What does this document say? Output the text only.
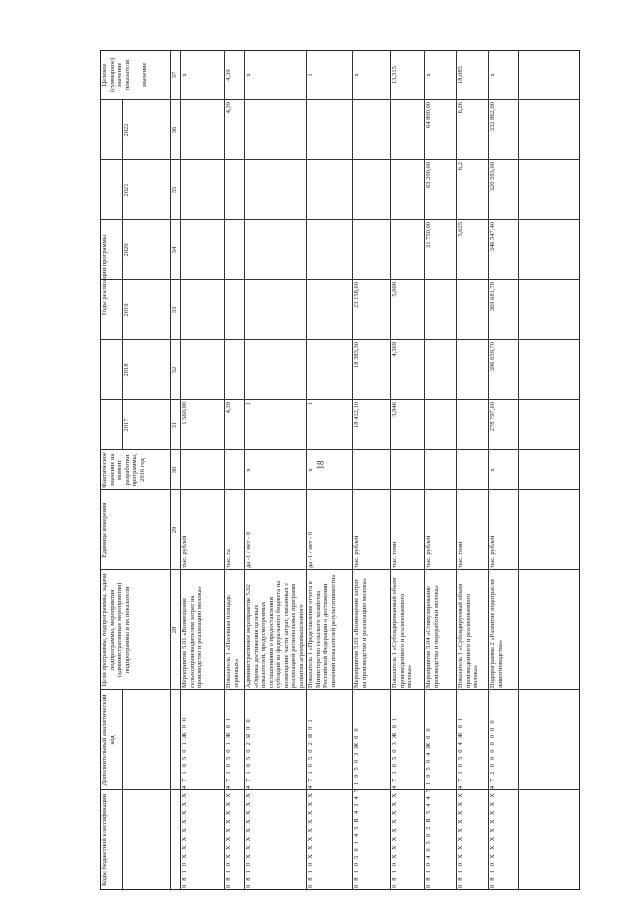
18
Коды бюджетной классификации
Дополнительный аналитический код
Цели программы, подпрограммы, задачи подпрограммы, мероприятия (административные мероприятия) подпрограммы и их показатели
Единица измерения
Фактическое значение на момент разработки программы, 2016 год
Годы реализации программы
2017
2018
2019
2020
2021
2022
Целевое (суммарное) значение показателя	значение
28
29
30
31
32
33
34
35
36
37
0 8 1 0 Х Х Х Х Х Х Х Х 4 7 1 0 5 0 1 Ж 0 0
Мероприятие 5.01 «Возмещение сельхозпроизводителям затрат на производство и реализацию молока»
тыс. рублей
1 560,00
х
0 8 1 0 Х Х Х Х Х Х Х Х 4 7 1 0 5 0 1 Ж 0 1
Показатель 1 «Посевная площадь зерновых»
тыс. га
4,39
4,39
4,39
0 8 1 0 Х Х Х Х Х Х Х Х 4 7 1 0 5 0 2 Я 0 0
Административное мероприятие 5.02 «Оценка достижения целевых показателей, предусмотренных соглашениями о предоставлении субсидий из федерального бюджета на возмещение части затрат, связанных с реализацией региональных программ развития агропромышленного
да -1 / нет - 0
х
1
х
0 8 1 0 Х Х Х Х Х Х Х Х 4 7 1 0 5 0 2 Я 0 1
Показатель 1 «Представление отчета в Министерство сельского хозяйства Российской Федерации о достижении значений показателей результативности»
да -1 / нет - 0
х
1
1
0 8 1 0 5 0 1 4 5 R 4 3 4 7 1 0 5 0 3 Ж 0 0
Мероприятие 5.03 «Возмещение затрат на производство и реализацию молока»
тыс. рублей
18 412,10
18 383,30
23 158,60
х
0 8 1 0 Х Х Х Х Х Х Х Х 4 7 1 0 5 0 3 Ж 0 1
Показатель 1 «Субсидированный объем произведенного и реализованного молока»
тыс. тонн
3,946
4,369
5,000
13,315
0 8 1 0 4 0 5 0 2 R 5 4 4 7 1 0 5 0 4 Ж 0 0
Мероприятие 5.04 «Стимулирование производства и переработки молока»
тыс. рублей
31 750,00
63 200,00
64 800,00
х
0 8 1 0 Х Х Х Х Х Х Х Х 4 7 1 0 5 0 4 Ж 0 1
Показатель 1 «Субсидируемый объем произведенного и реализованного молока»
тыс. тонн
5,625
6,2
6,26
18,085
0 8 1 0 Х Х Х Х Х Х Х Х 4 7 2 0 0 0 0 0 0 0
Подпрограмма 2 «Развитие подотрасли животноводства»
тыс. рублей
х
278 797,60
396 659,70
369 681,70
346 547,40
320 593,00
332 862,00
х
